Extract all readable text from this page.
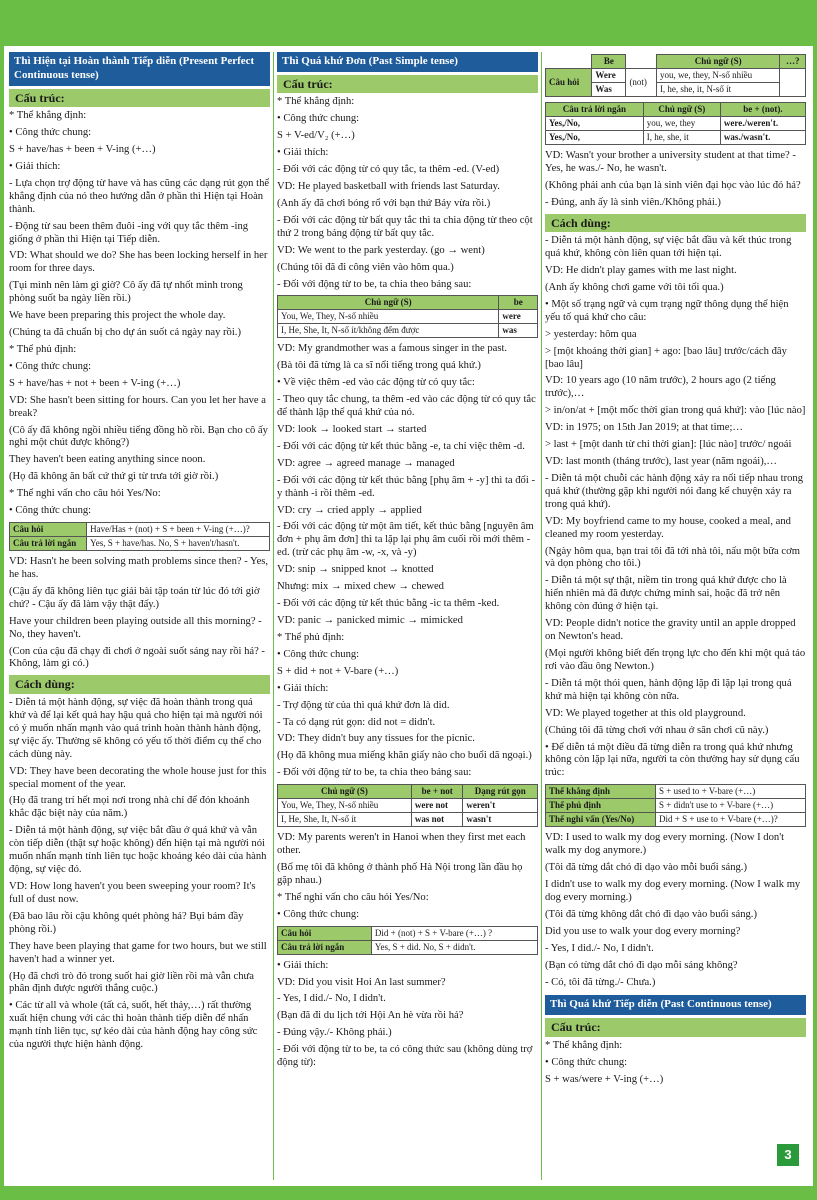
Thì Hiện tại Hoàn thành Tiếp diễn (Present Perfect Continuous tense)
Cấu trúc:
* Thể khẳng định:
• Công thức chung:
S + have/has + been + V-ing (+…)
• Giải thích:
- Lựa chọn trợ động từ have và has cũng các dạng rút gọn thể khẳng định của nó theo hướng dẫn ở phần thì Hiện tại Hoàn thành.
- Động từ sau been thêm đuôi -ing với quy tắc thêm -ing giống ở phần thì Hiện tại Tiếp diễn.
VD: What should we do? She has been locking herself in her room for three days.
(Tụi mình nên làm gì giờ? Cô ấy đã tự nhốt mình trong phòng suốt ba ngày liền rồi.)
We have been preparing this project the whole day.
(Chúng ta đã chuẩn bị cho dự án suốt cả ngày nay rồi.)
* Thể phủ định:
• Công thức chung:
S + have/has + not + been + V-ing (+…)
VD: She hasn't been sitting for hours. Can you let her have a break?
(Cô ấy đã không ngồi nhiều tiếng đồng hồ rồi. Bạn cho cô ấy nghỉ một chút được không?)
They haven't been eating anything since noon.
(Họ đã không ăn bất cứ thứ gì từ trưa tới giờ rồi.)
* Thể nghi vấn cho câu hỏi Yes/No:
• Công thức chung:
Câu hỏi	Have/Has + (not) + S + been + V-ing (+…)?
Câu trả lời ngắn	Yes, S + have/has. No, S + haven't/hasn't.
VD: Hasn't he been solving math problems since then? - Yes, he has.
(Cậu ấy đã không liên tục giải bài tập toán từ lúc đó tới giờ chứ? - Cậu ấy đã làm vậy thật đấy.)
Have your children been playing outside all this morning? - No, they haven't.
(Con của cậu đã chạy đi chơi ở ngoài suốt sáng nay rồi hả? - Không, làm gì có.)
Cách dùng:
- Diễn tả một hành động, sự việc đã hoàn thành trong quá khứ và để lại kết quả hay hậu quả cho hiện tại mà người nói có ý muốn nhấn mạnh vào quá trình hoàn thành hành động, sự việc ấy. Thường sẽ không có yếu tố thời điểm cụ thể cho cách dùng này.
VD: They have been decorating the whole house just for this special moment of the year.
(Họ đã trang trí hết mọi nơi trong nhà chỉ để đón khoảnh khắc đặc biệt này của năm.)
- Diễn tả một hành động, sự việc bắt đầu ở quá khứ và vẫn còn tiếp diễn (thật sự hoặc không) đến hiện tại mà người nói muốn nhấn mạnh tính liên tục hoặc khoảng kéo dài của hành động, sự việc đó.
VD: How long haven't you been sweeping your room? It's full of dust now.
(Đã bao lâu rồi cậu không quét phòng hả? Bụi bám đầy phòng rồi.)
They have been playing that game for two hours, but we still haven't had a winner yet.
(Họ đã chơi trò đó trong suốt hai giờ liền rồi mà vẫn chưa phân định được người thắng cuộc.)
• Các từ all và whole (tất cả, suốt, hết thảy,…) rất thường xuất hiện chung với các thì hoàn thành tiếp diễn để nhấn mạnh tính liên tục, sự kéo dài của hành động hay công sức của người thực hiện hành động.
Thì Quá khứ Đơn (Past Simple tense)
Cấu trúc:
* Thể khẳng định:
• Công thức chung:
S + V-ed/V₂ (+…)
• Giải thích:
- Đối với các động từ có quy tắc, ta thêm -ed. (V-ed)
VD: He played basketball with friends last Saturday.
(Anh ấy đã chơi bóng rổ với bạn thứ Bảy vừa rồi.)
- Đối với các động từ bất quy tắc thì ta chia động từ theo cột thứ 2 trong bảng động từ bất quy tắc.
VD: We went to the park yesterday. (go → went)
(Chúng tôi đã đi công viên vào hôm qua.)
- Đối với động từ to be, ta chia theo bảng sau:
Chủ ngữ (S)	be
You, We, They, N-số nhiều	were
I, He, She, It, N-số ít/không đếm được	was
VD: My grandmother was a famous singer in the past.
(Bà tôi đã từng là ca sĩ nổi tiếng trong quá khứ.)
• Về việc thêm -ed vào các động từ có quy tắc:
- Theo quy tắc chung, ta thêm -ed vào các động từ có quy tắc để thành lập thể quá khứ của nó.
VD: look → looked start → started
- Đối với các động từ kết thúc bằng -e, ta chỉ việc thêm -d.
VD: agree → agreed manage → managed
- Đối với các động từ kết thúc bằng [phụ âm + -y] thì ta đổi -y thành -i rồi thêm -ed.
VD: cry → cried apply → applied
- Đối với các động từ một âm tiết, kết thúc bằng [nguyên âm đơn + phụ âm đơn] thì ta lặp lại phụ âm cuối rồi mới thêm -ed. (trừ các phụ âm -w, -x, và -y)
VD: snip → snipped knot → knotted
Nhưng: mix → mixed chew → chewed
- Đối với các động từ kết thúc bằng -ic ta thêm -ked.
VD: panic → panicked mimic → mimicked
* Thể phủ định:
• Công thức chung:
S + did + not + V-bare (+…)
• Giải thích:
- Trợ động từ của thì quá khứ đơn là did.
- Ta có dạng rút gọn: did not = didn't.
VD: They didn't buy any tissues for the picnic.
(Họ đã không mua miếng khăn giấy nào cho buổi dã ngoại.)
- Đối với động từ to be, ta chia theo bảng sau:
Chủ ngữ (S)	be + not	Dạng rút gọn
You, We, They, N-số nhiều	were not	weren't
I, He, She, It, N-số ít	was not	wasn't
VD: My parents weren't in Hanoi when they first met each other.
(Bố mẹ tôi đã không ở thành phố Hà Nội trong lần đầu họ gặp nhau.)
* Thể nghi vấn cho câu hỏi Yes/No:
• Công thức chung:
Câu hỏi	Did + (not) + S + V-bare (+…) ?
Câu trả lời ngắn	Yes, S + did. No, S + didn't.
• Giải thích:
VD: Did you visit Hoi An last summer?
- Yes, I did./- No, I didn't.
(Bạn đã đi du lịch tới Hội An hè vừa rồi hả?
- Đúng vậy./- Không phải.)
- Đối với động từ to be, ta có công thức sau (không dùng trợ động từ):
	Be		Chủ ngữ (S)	…?
Câu hỏi	Were	(not)	you, we, they, N-số nhiều	
	Was		I, he, she, it, N-số ít	
Câu trả lời ngắn	Chủ ngữ (S)	be + (not).
Yes,/No,	you, we, they	were./weren't.
Yes,/No,	I, he, she, it	was./wasn't.
VD: Wasn't your brother a university student at that time? - Yes, he was./- No, he wasn't.
(Không phải anh của bạn là sinh viên đại học vào lúc đó hả?
- Đúng, anh ấy là sinh viên./Không phải.)
Cách dùng:
- Diễn tả một hành động, sự việc bắt đầu và kết thúc trong quá khứ, không còn liên quan tới hiện tại.
VD: He didn't play games with me last night.
(Anh ấy không chơi game với tôi tối qua.)
• Một số trạng ngữ và cụm trạng ngữ thông dụng thể hiện yếu tố quá khứ cho câu:
> yesterday: hôm qua
> [một khoảng thời gian] + ago: [bao lâu] trước/cách đây [bao lâu]
VD: 10 years ago (10 năm trước), 2 hours ago (2 tiếng trước),…
> in/on/at + [một mốc thời gian trong quá khứ]: vào [lúc nào]
VD: in 1975; on 15th Jan 2019; at that time;…
> last + [một danh từ chỉ thời gian]: [lúc nào] trước/ ngoái
VD: last month (tháng trước), last year (năm ngoái),…
- Diễn tả một chuỗi các hành động xảy ra nối tiếp nhau trong quá khứ (thường gặp khi người nói đang kể chuyện xảy ra trong quá khứ).
VD: My boyfriend came to my house, cooked a meal, and cleaned my room yesterday.
(Ngày hôm qua, bạn trai tôi đã tới nhà tôi, nấu một bữa cơm và dọn phòng cho tôi.)
- Diễn tả một sự thật, niềm tin trong quá khứ được cho là hiển nhiên mà đã được chứng minh sai, hoặc đã trở nên không còn đúng ở hiện tại.
VD: People didn't notice the gravity until an apple dropped on Newton's head.
(Mọi người không biết đến trọng lực cho đến khi một quả táo rơi vào đầu ông Newton.)
- Diễn tả một thói quen, hành động lặp đi lặp lại trong quá khứ mà hiện tại không còn nữa.
VD: We played together at this old playground.
(Chúng tôi đã từng chơi với nhau ở sân chơi cũ này.)
• Để diễn tả một điều đã từng diễn ra trong quá khứ nhưng không còn lặp lại nữa, người ta còn thường hay sử dụng cấu trúc:
Thể khẳng định	S + used to + V-bare (+…)
Thể phủ định	S + didn't use to + V-bare (+…)
Thể nghi vấn (Yes/No)	Did + S + use to + V-bare (+…)?
VD: I used to walk my dog every morning. (Now I don't walk my dog anymore.)
(Tôi đã từng dắt chó đi dạo vào mỗi buổi sáng.)
I didn't use to walk my dog every morning. (Now I walk my dog every morning.)
(Tôi đã từng không dắt chó đi dạo vào buổi sáng.)
Did you use to walk your dog every morning?
- Yes, I did./- No, I didn't.
(Bạn có từng dắt chó đi dạo mỗi sáng không?
- Có, tôi đã từng./- Chưa.)
Thì Quá khứ Tiếp diễn (Past Continuous tense)
Cấu trúc:
* Thể khẳng định:
• Công thức chung:
S + was/were + V-ing (+…)
3
